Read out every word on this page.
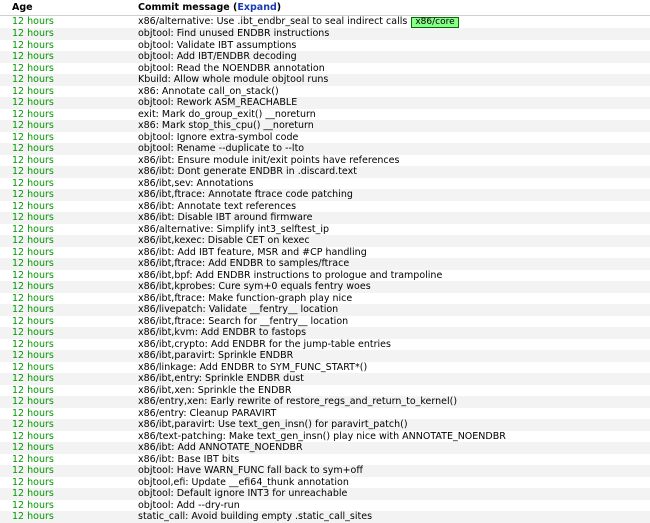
Age	Commit message (Expand)
12 hours	x86/alternative: Use .ibt_endbr_seal to seal indirect calls x86/core
12 hours	objtool: Find unused ENDBR instructions
12 hours	objtool: Validate IBT assumptions
12 hours	objtool: Add IBT/ENDBR decoding
12 hours	objtool: Read the NOENDBR annotation
12 hours	Kbuild: Allow whole module objtool runs
12 hours	x86: Annotate call_on_stack()
12 hours	objtool: Rework ASM_REACHABLE
12 hours	exit: Mark do_group_exit() __noreturn
12 hours	x86: Mark stop_this_cpu() __noreturn
12 hours	objtool: Ignore extra-symbol code
12 hours	objtool: Rename --duplicate to --lto
12 hours	x86/ibt: Ensure module init/exit points have references
12 hours	x86/ibt: Dont generate ENDBR in .discard.text
12 hours	x86/ibt,sev: Annotations
12 hours	x86/ibt,ftrace: Annotate ftrace code patching
12 hours	x86/ibt: Annotate text references
12 hours	x86/ibt: Disable IBT around firmware
12 hours	x86/alternative: Simplify int3_selftest_ip
12 hours	x86/ibt,kexec: Disable CET on kexec
12 hours	x86/ibt: Add IBT feature, MSR and #CP handling
12 hours	x86/ibt,ftrace: Add ENDBR to samples/ftrace
12 hours	x86/ibt,bpf: Add ENDBR instructions to prologue and trampoline
12 hours	x86/ibt,kprobes: Cure sym+0 equals fentry woes
12 hours	x86/ibt,ftrace: Make function-graph play nice
12 hours	x86/livepatch: Validate __fentry__ location
12 hours	x86/ibt,ftrace: Search for __fentry__ location
12 hours	x86/ibt,kvm: Add ENDBR to fastops
12 hours	x86/ibt,crypto: Add ENDBR for the jump-table entries
12 hours	x86/ibt,paravirt: Sprinkle ENDBR
12 hours	x86/linkage: Add ENDBR to SYM_FUNC_START*()
12 hours	x86/ibt,entry: Sprinkle ENDBR dust
12 hours	x86/ibt,xen: Sprinkle the ENDBR
12 hours	x86/entry,xen: Early rewrite of restore_regs_and_return_to_kernel()
12 hours	x86/entry: Cleanup PARAVIRT
12 hours	x86/ibt,paravirt: Use text_gen_insn() for paravirt_patch()
12 hours	x86/text-patching: Make text_gen_insn() play nice with ANNOTATE_NOENDBR
12 hours	x86/ibt: Add ANNOTATE_NOENDBR
12 hours	x86/ibt: Base IBT bits
12 hours	objtool: Have WARN_FUNC fall back to sym+off
12 hours	objtool,efi: Update __efi64_thunk annotation
12 hours	objtool: Default ignore INT3 for unreachable
12 hours	objtool: Add --dry-run
12 hours	static_call: Avoid building empty .static_call_sites
